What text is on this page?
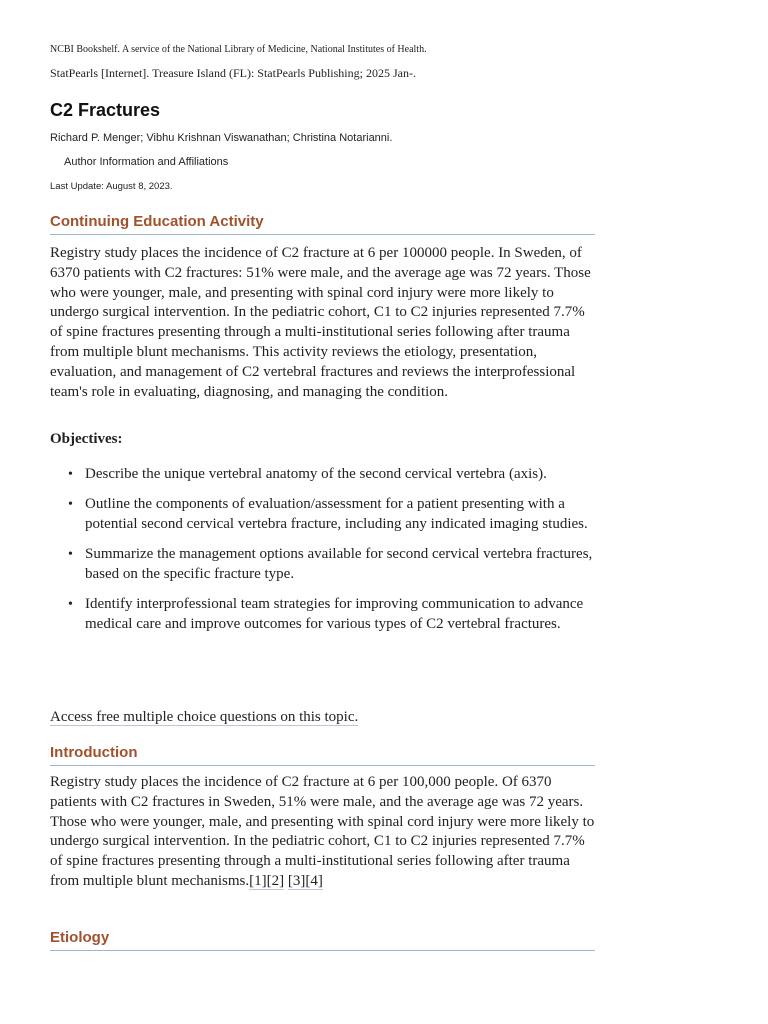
NCBI Bookshelf. A service of the National Library of Medicine, National Institutes of Health.
StatPearls [Internet]. Treasure Island (FL): StatPearls Publishing; 2025 Jan-.
C2 Fractures
Richard P. Menger; Vibhu Krishnan Viswanathan; Christina Notarianni.
Author Information and Affiliations
Last Update: August 8, 2023.
Continuing Education Activity

Registry study places the incidence of C2 fracture at 6 per 100000 people. In Sweden, of 6370 patients with C2 fractures: 51% were male, and the average age was 72 years. Those who were younger, male, and presenting with spinal cord injury were more likely to undergo surgical intervention. In the pediatric cohort, C1 to C2 injuries represented 7.7% of spine fractures presenting through a multi-institutional series following after trauma from multiple blunt mechanisms. This activity reviews the etiology, presentation, evaluation, and management of C2 vertebral fractures and reviews the interprofessional team's role in evaluating, diagnosing, and managing the condition.

Objectives:
• Describe the unique vertebral anatomy of the second cervical vertebra (axis).
• Outline the components of evaluation/assessment for a patient presenting with a potential second cervical vertebra fracture, including any indicated imaging studies.
• Summarize the management options available for second cervical vertebra fractures, based on the specific fracture type.
• Identify interprofessional team strategies for improving communication to advance medical care and improve outcomes for various types of C2 vertebral fractures.
Access free multiple choice questions on this topic.
Introduction

Registry study places the incidence of C2 fracture at 6 per 100,000 people. Of 6370 patients with C2 fractures in Sweden, 51% were male, and the average age was 72 years. Those who were younger, male, and presenting with spinal cord injury were more likely to undergo surgical intervention. In the pediatric cohort, C1 to C2 injuries represented 7.7% of spine fractures presenting through a multi-institutional series following after trauma from multiple blunt mechanisms.[1][2] [3][4]

Etiology
